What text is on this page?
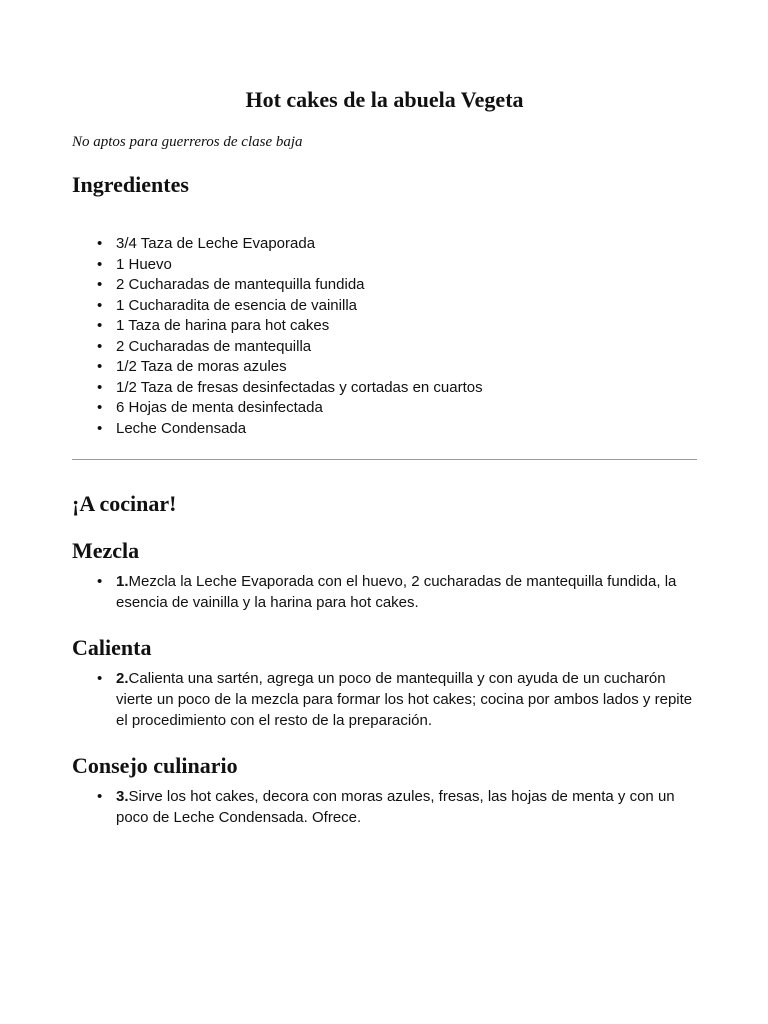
Hot cakes de la abuela Vegeta

No aptos para guerreros de clase baja

Ingredientes
• 3/4 Taza de Leche Evaporada
• 1 Huevo
• 2 Cucharadas de mantequilla fundida
• 1 Cucharadita de esencia de vainilla
• 1 Taza de harina para hot cakes
• 2 Cucharadas de mantequilla
• 1/2 Taza de moras azules
• 1/2 Taza de fresas desinfectadas y cortadas en cuartos
• 6 Hojas de menta desinfectada
• Leche Condensada
¡A cocinar!
Mezcla
• 1.Mezcla la Leche Evaporada con el huevo, 2 cucharadas de mantequilla fundida, la esencia de vainilla y la harina para hot cakes.
Calienta
• 2.Calienta una sartén, agrega un poco de mantequilla y con ayuda de un cucharón vierte un poco de la mezcla para formar los hot cakes; cocina por ambos lados y repite el procedimiento con el resto de la preparación.
Consejo culinario
• 3.Sirve los hot cakes, decora con moras azules, fresas, las hojas de menta y con un poco de Leche Condensada. Ofrece.
